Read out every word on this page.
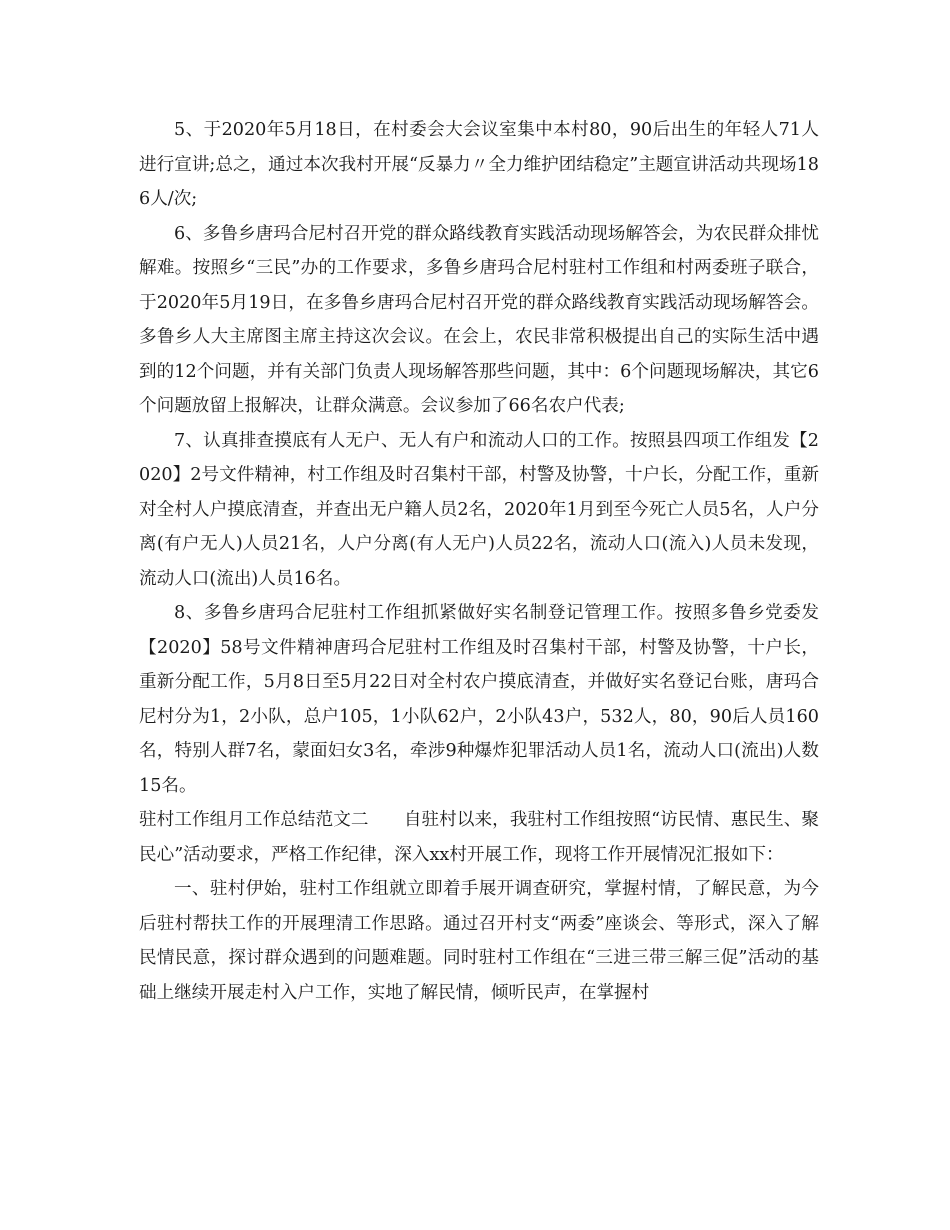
5、于2020年5月18日，在村委会大会议室集中本村80，90后出生的年轻人71人进行宣讲;总之，通过本次我村开展“反暴力〃全力维护团结稳定”主题宣讲活动共现场186人/次;

6、多鲁乡唐玛合尼村召开党的群众路线教育实践活动现场解答会，为农民群众排忧解难。按照乡“三民”办的工作要求，多鲁乡唐玛合尼村驻村工作组和村两委班子联合，于2020年5月19日，在多鲁乡唐玛合尼村召开党的群众路线教育实践活动现场解答会。多鲁乡人大主席图主席主持这次会议。在会上，农民非常积极提出自己的实际生活中遇到的12个问题，并有关部门负责人现场解答那些问题，其中：6个问题现场解决，其它6个问题放留上报解决，让群众满意。会议参加了66名农户代表;

7、认真排查摸底有人无户、无人有户和流动人口的工作。按照县四项工作组发【2020】2号文件精神，村工作组及时召集村干部，村警及协警，十户长，分配工作，重新对全村人户摸底清查，并查出无户籍人员2名，2020年1月到至今死亡人员5名，人户分离(有户无人)人员21名，人户分离(有人无户)人员22名，流动人口(流入)人员未发现，流动人口(流出)人员16名。

8、多鲁乡唐玛合尼驻村工作组抓紧做好实名制登记管理工作。按照多鲁乡党委发【2020】58号文件精神唐玛合尼驻村工作组及时召集村干部，村警及协警，十户长，重新分配工作，5月8日至5月22日对全村农户摸底清查，并做好实名登记台账，唐玛合尼村分为1，2小队，总户105，1小队62户，2小队43户，532人，80，90后人员160名，特别人群7名，蒙面妇女3名，牵涉9种爆炸犯罪活动人员1名，流动人口(流出)人数15名。

驻村工作组月工作总结范文二　　自驻村以来，我驻村工作组按照“访民情、惠民生、聚民心”活动要求，严格工作纪律，深入xx村开展工作，现将工作开展情况汇报如下：

一、驻村伊始，驻村工作组就立即着手展开调查研究，掌握村情，了解民意，为今后驻村帮扶工作的开展理清工作思路。通过召开村支“两委”座谈会、等形式，深入了解民情民意，探讨群众遇到的问题难题。同时驻村工作组在“三进三带三解三促”活动的基础上继续开展走村入户工作，实地了解民情，倾听民声，在掌握村
